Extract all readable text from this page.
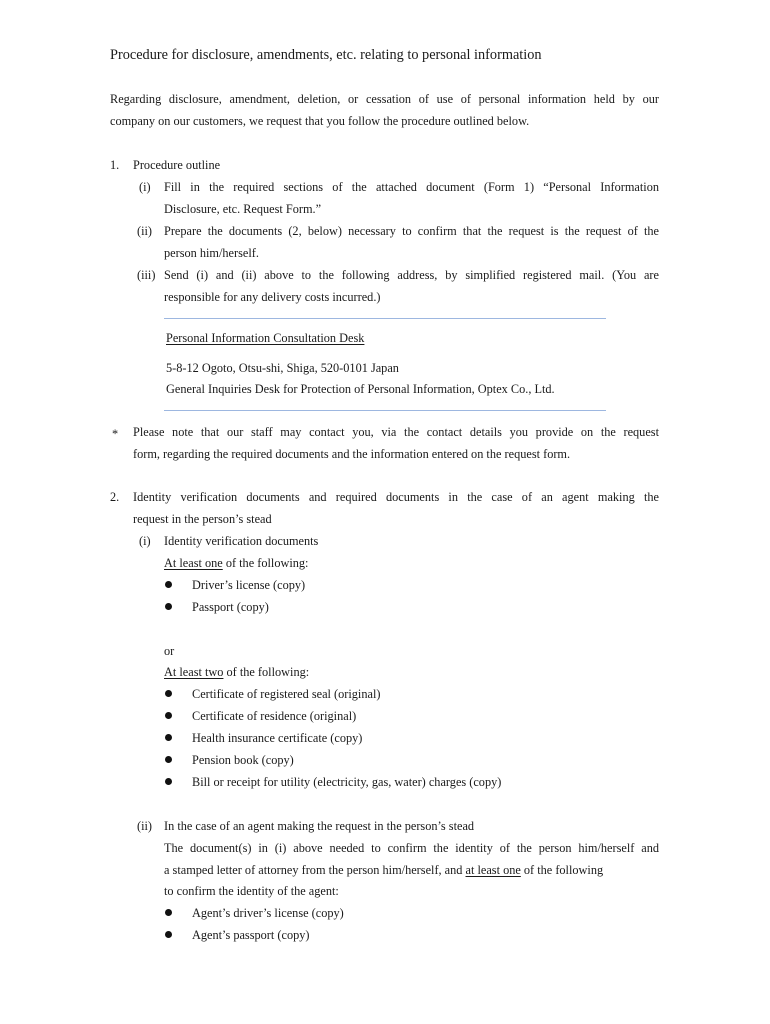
Procedure for disclosure, amendments, etc. relating to personal information
Regarding disclosure, amendment, deletion, or cessation of use of personal information held by our
company on our customers, we request that you follow the procedure outlined below.
1. Procedure outline
(i) Fill in the required sections of the attached document (Form 1) “Personal Information
Disclosure, etc. Request Form.”
(ii) Prepare the documents (2, below) necessary to confirm that the request is the request of the
person him/herself.
(iii) Send (i) and (ii) above to the following address, by simplified registered mail. (You are
responsible for any delivery costs incurred.)
Personal Information Consultation Desk
5-8-12 Ogoto, Otsu-shi, Shiga, 520-0101 Japan
General Inquiries Desk for Protection of Personal Information, Optex Co., Ltd.
* Please note that our staff may contact you, via the contact details you provide on the request
form, regarding the required documents and the information entered on the request form.
2. Identity verification documents and required documents in the case of an agent making the
request in the person’s stead
(i) Identity verification documents
At least one of the following:
Driver’s license (copy)
Passport (copy)
or
At least two of the following:
Certificate of registered seal (original)
Certificate of residence (original)
Health insurance certificate (copy)
Pension book (copy)
Bill or receipt for utility (electricity, gas, water) charges (copy)
(ii) In the case of an agent making the request in the person’s stead
The document(s) in (i) above needed to confirm the identity of the person him/herself and
a stamped letter of attorney from the person him/herself, and at least one of the following
to confirm the identity of the agent:
Agent’s driver’s license (copy)
Agent’s passport (copy)
